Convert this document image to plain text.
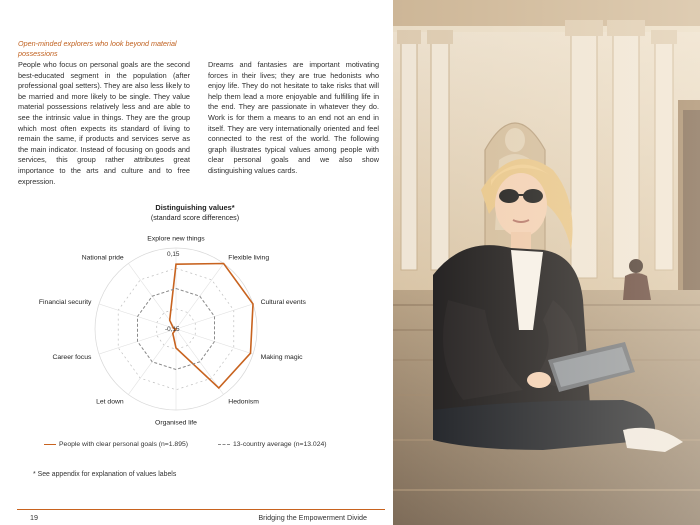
Open-minded explorers who look beyond material possessions
People who focus on personal goals are the second best-educated segment in the population (after professional goal setters). They are also less likely to be married and more likely to be single. They value material possessions relatively less and are able to see the intrinsic value in things. They are the group which most often expects its standard of living to remain the same, if products and services serve as the main indicator. Instead of focusing on goods and services, this group rather attributes great importance to the arts and culture and to free expression.
Dreams and fantasies are important motivating forces in their lives; they are true hedonists who enjoy life. They do not hesitate to take risks that will help them lead a more enjoyable and fulfilling life in the end. They are passionate in whatever they do. Work is for them a means to an end not an end in itself. They are very internationally oriented and feel connected to the rest of the world. The following graph illustrates typical values among people with clear personal goals and we also show distinguishing values cards.
Distinguishing values*
(standard score differences)
Explore new things
Flexible living
Cultural events
Making magic
Hedonism
Organised life
Let down
Career focus
Financial security
National pride	0,15
-0,15
People with clear personal goals (n=1.895)	13-country average (n=13.024)
* See appendix for explanation of values labels
19	Bridging the Empowerment Divide
